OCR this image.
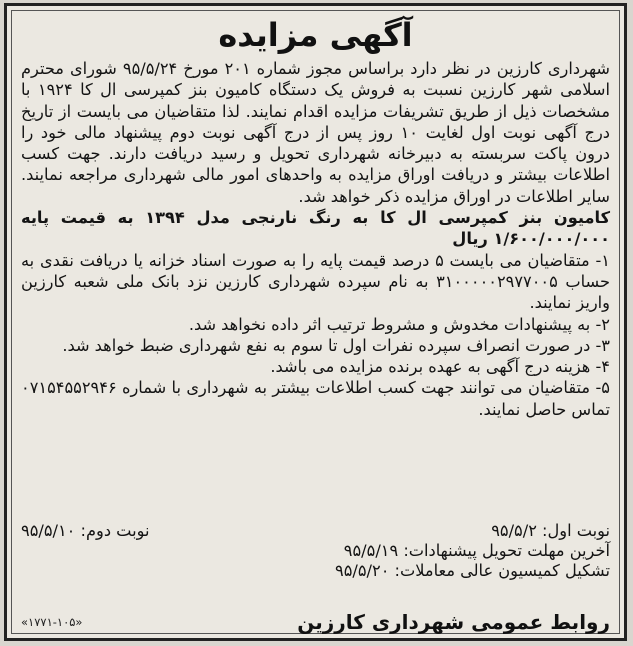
آگهی مزایده

شهرداری کارزین در نظر دارد براساس مجوز شماره ۲۰۱ مورخ ۹۵/۵/۲۴ شورای محترم اسلامی شهر کارزین نسبت به فروش یک دستگاه کامیون بنز کمپرسی ال کا ۱۹۲۴ با مشخصات ذیل از طریق تشریفات مزایده اقدام نمایند. لذا متقاضیان می بایست از تاریخ درج آگهی نوبت اول لغایت ۱۰ روز پس از درج آگهی نوبت دوم پیشنهاد مالی خود را درون پاکت سربسته به دبیرخانه شهرداری تحویل و رسید دریافت دارند. جهت کسب اطلاعات بیشتر و دریافت اوراق مزایده به واحدهای امور مالی شهرداری مراجعه نمایند. سایر اطلاعات در اوراق مزایده ذکر خواهد شد.

کامیون بنز کمپرسی ال کا به رنگ نارنجی مدل ۱۳۹۴ به قیمت پایه ۱/۶۰۰/۰۰۰/۰۰۰ ریال

۱- متقاضیان می بایست ۵ درصد قیمت پایه را به صورت اسناد خزانه یا دریافت نقدی به حساب ۳۱۰۰۰۰۰۲۹۷۷۰۰۵ به نام سپرده شهرداری کارزین نزد بانک ملی شعبه کارزین واریز نمایند.

۲- به پیشنهادات مخدوش و مشروط ترتیب اثر داده نخواهد شد.

۳- در صورت انصراف سپرده نفرات اول تا سوم به نفع شهرداری ضبط خواهد شد.

۴- هزینه درج آگهی به عهده برنده مزایده می باشد.

۵- متقاضیان می توانند جهت کسب اطلاعات بیشتر به شهرداری با شماره ۰۷۱۵۴۵۵۲۹۴۶ تماس حاصل نمایند.

نوبت اول: ۹۵/۵/۲
نوبت دوم: ۹۵/۵/۱۰
آخرین مهلت تحویل پیشنهادات: ۹۵/۵/۱۹
تشکیل کمیسیون عالی معاملات: ۹۵/۵/۲۰
روابط عمومی شهرداری کارزین
«۱۷۷۱-۱۰۵»
